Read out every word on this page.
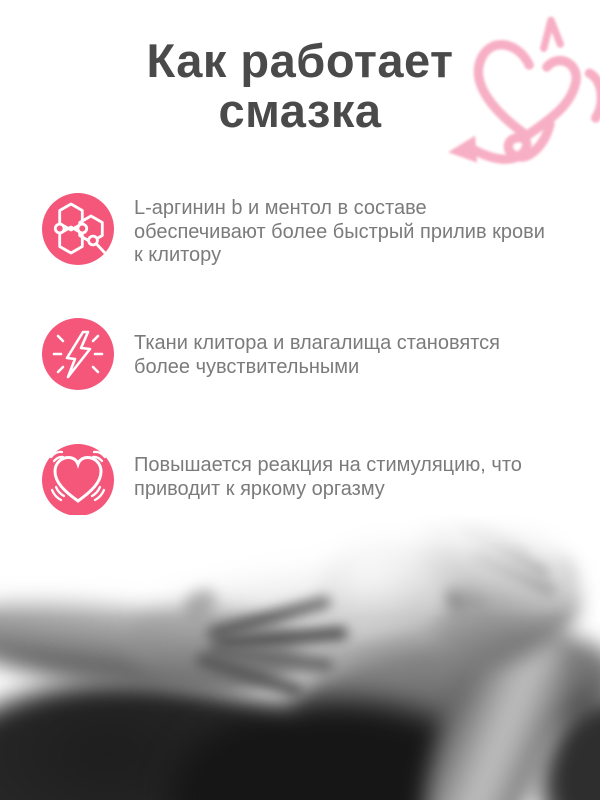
Как работает смазка

L-аргинин b и ментол в составе обеспечивают более быстрый прилив крови к клитору

Ткани клитора и влагалища становятся более чувствительными

Повышается реакция на стимуляцию, что приводит к яркому оргазму
